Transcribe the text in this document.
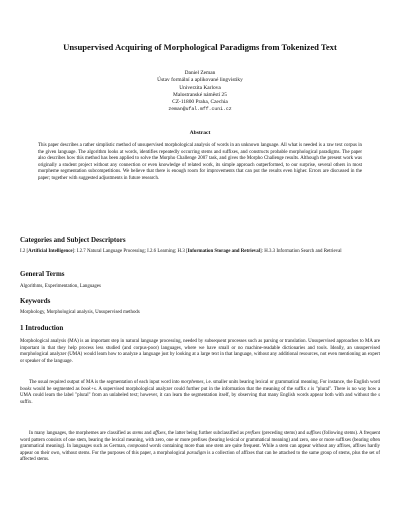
Unsupervised Acquiring of Morphological Paradigms from Tokenized Text
Daniel Zeman
Ústav formální a aplikované lingvistiky
Univerzita Karlova
Malostranské náměstí 25
CZ-11800 Praha, Czechia
zeman@ufal.mff.cuni.cz
Abstract
This paper describes a rather simplistic method of unsupervised morphological analysis of words in an unknown language. All what is needed is a raw text corpus in the given language. The algorithm looks at words, identifies repeatedly occurring stems and suffixes, and constructs probable morphological paradigms. The paper also describes how this method has been applied to solve the Morpho Challenge 2007 task, and gives the Morpho Challenge results. Although the present work was originally a student project without any connection or even knowledge of related work, its simple approach outperformed, to our surprise, several others in most morpheme segmentation subcompetitions. We believe that there is enough room for improvements that can put the results even higher. Errors are discussed in the paper; together with suggested adjustments in future research.
Categories and Subject Descriptors

I.2 [Artificial Intelligence]: I.2.7 Natural Language Processing; I.2.6 Learning; H.3 [Information Storage and Retrieval]: H.3.3 Information Search and Retrieval

General Terms

Algorithms, Experimentation, Languages

Keywords

Morphology, Morphological analysis, Unsupervised methods

1 Introduction

Morphological analysis (MA) is an important step in natural language processing, needed by subsequent processes such as parsing or translation. Unsupervised approaches to MA are important in that they help process less studied (and corpus-poor) languages, where we have small or no machine-readable dictionaries and tools. Ideally, an unsupervised morphological analyzer (UMA) would learn how to analyze a language just by looking at a large text in that language, without any additional resources, not even mentioning an expert or speaker of the language.

The usual required output of MA is the segmentation of each input word into morphemes, i.e. smaller units bearing lexical or grammatical meaning. For instance, the English word books would be segmented as book+s. A supervised morphological analyzer could further put in the information that the meaning of the suffix s is "plural". There is no way how a UMA could learn the label "plural" from an unlabeled text; however, it can learn the segmentation itself, by observing that many English words appear both with and without the s suffix.

In many languages, the morphemes are classified as stems and affixes, the latter being further subclassified as prefixes (preceding stems) and suffixes (following stems). A frequent word pattern consists of one stem, bearing the lexical meaning, with zero, one or more prefixes (bearing lexical or grammatical meaning) and zero, one or more suffixes (bearing often grammatical meaning). In languages such as German, compound words containing more than one stem are quite frequent. While a stem can appear without any affixes, affixes hardly appear on their own, without stems. For the purposes of this paper, a morphological paradigm is a collection of affixes that can be attached to the same group of stems, plus the set of affected stems.
